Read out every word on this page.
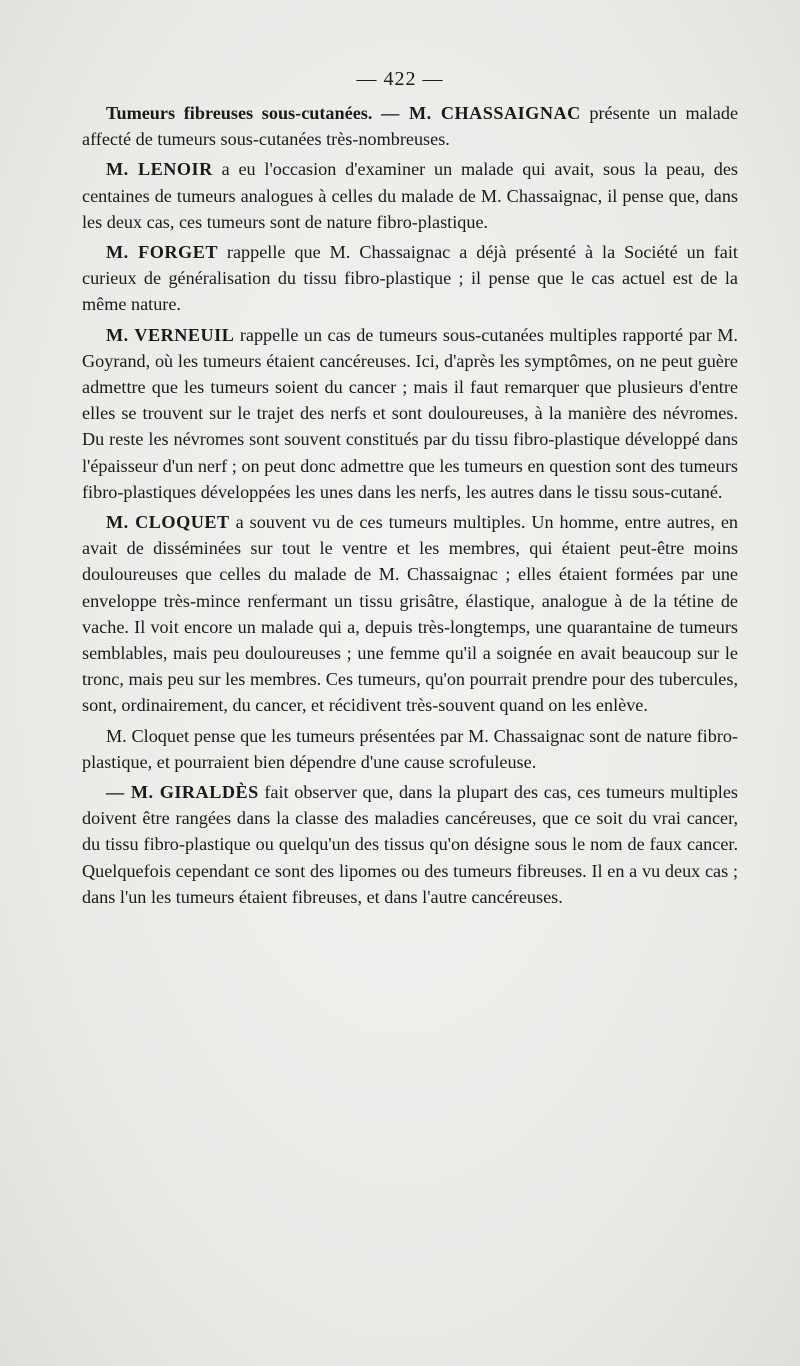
— 422 —

Tumeurs fibreuses sous-cutanées. — M. CHASSAIGNAC présente un malade affecté de tumeurs sous-cutanées très-nombreuses.

M. LENOIR a eu l'occasion d'examiner un malade qui avait, sous la peau, des centaines de tumeurs analogues à celles du malade de M. Chassaignac, il pense que, dans les deux cas, ces tumeurs sont de nature fibro-plastique.

M. FORGET rappelle que M. Chassaignac a déjà présenté à la Société un fait curieux de généralisation du tissu fibro-plastique ; il pense que le cas actuel est de la même nature.

M. VERNEUIL rappelle un cas de tumeurs sous-cutanées multiples rapporté par M. Goyrand, où les tumeurs étaient cancéreuses. Ici, d'après les symptômes, on ne peut guère admettre que les tumeurs soient du cancer ; mais il faut remarquer que plusieurs d'entre elles se trouvent sur le trajet des nerfs et sont douloureuses, à la manière des névromes. Du reste les névromes sont souvent constitués par du tissu fibro-plastique développé dans l'épaisseur d'un nerf ; on peut donc admettre que les tumeurs en question sont des tumeurs fibro-plastiques développées les unes dans les nerfs, les autres dans le tissu sous-cutané.

M. CLOQUET a souvent vu de ces tumeurs multiples. Un homme, entre autres, en avait de disséminées sur tout le ventre et les membres, qui étaient peut-être moins douloureuses que celles du malade de M. Chassaignac ; elles étaient formées par une enveloppe très-mince renfermant un tissu grisâtre, élastique, analogue à de la tétine de vache. Il voit encore un malade qui a, depuis très-longtemps, une quarantaine de tumeurs semblables, mais peu douloureuses ; une femme qu'il a soignée en avait beaucoup sur le tronc, mais peu sur les membres. Ces tumeurs, qu'on pourrait prendre pour des tubercules, sont, ordinairement, du cancer, et récidivent très-souvent quand on les enlève.

M. Cloquet pense que les tumeurs présentées par M. Chassaignac sont de nature fibro-plastique, et pourraient bien dépendre d'une cause scrofuleuse.

— M. GIRALDÈS fait observer que, dans la plupart des cas, ces tumeurs multiples doivent être rangées dans la classe des maladies cancéreuses, que ce soit du vrai cancer, du tissu fibro-plastique ou quelqu'un des tissus qu'on désigne sous le nom de faux cancer. Quelquefois cependant ce sont des lipomes ou des tumeurs fibreuses. Il en a vu deux cas ; dans l'un les tumeurs étaient fibreuses, et dans l'autre cancéreuses.
